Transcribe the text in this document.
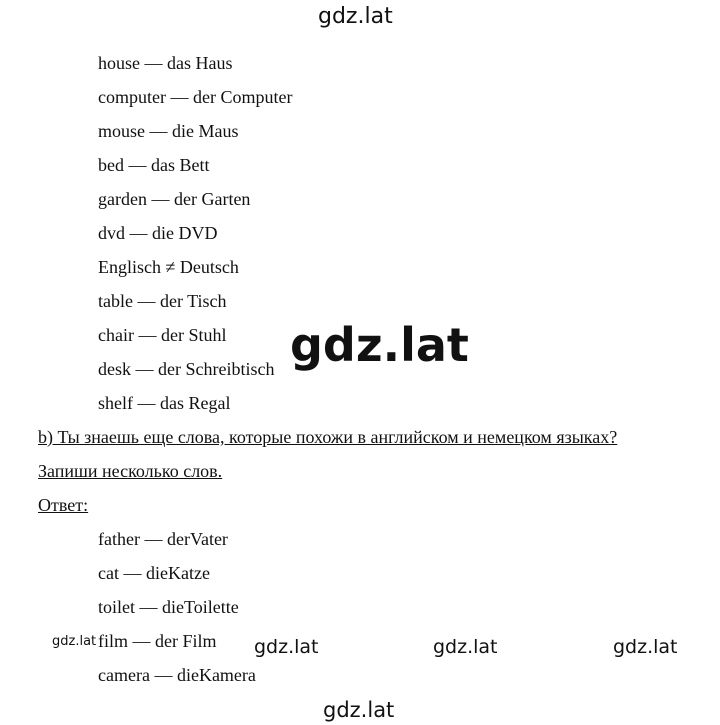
gdz.lat
house — das Haus
computer — der Computer
mouse — die Maus
bed — das Bett
garden — der Garten
dvd — die DVD
Englisch ≠ Deutsch
table — der Tisch
chair — der Stuhl
desk — der Schreibtisch
shelf — das Regal
gdz.lat
b) Ты знаешь еще слова, которые похожи в английском и немецком языках?
Запиши несколько слов.
Ответ:
father — derVater
cat — dieKatze
toilet — dieToilette
film — der Film
camera — dieKamera
gdz.lat	gdz.lat	gdz.lat	gdz.lat
gdz.lat
